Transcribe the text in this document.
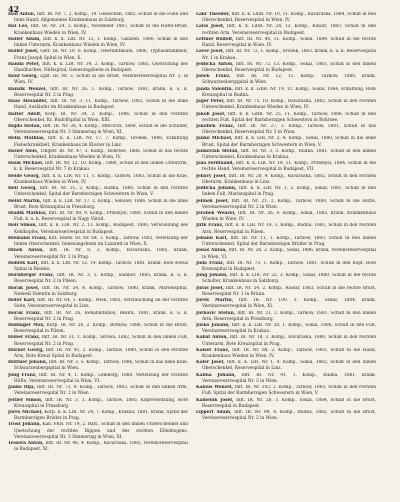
42

Had Anton, Inft. IR. Nr. 7, 2. Komp., 19. Gezeichen, 1882, Schuß in die Füße und linke Hand, Allgemeines Krankenhaus in Salzburg.

Hai Leo, Inft. IR. Nr. 24, 2. Komp., November 1887, Schuß in die Hüfte-Brust, Krankenhaus Wieden in Wien, IV.

Haller Adam, Inft. k. k. LIR. Nr. 12, 1. Komp., Galizien, 1880, Schuß in den linken Unterarm, Krankenhaus Wieden in Wien, IV.

Haller Josef, Gefr. IR. Nr. 19, 6. Komp., Oberdintmann, 1886, Typhuskrankheit, Franz Joseph Spital in Wien, X.

Handa Peter, Inft. k. k. LIR. Nr. 34, 2. Komp., Tarnów, 1885, Quetschung des Handbuches, Hilfsspital, Genesungsheim in Budapest.

Hanf Georg, Zgsf. IR. Nr. 3, Schuß in die Brust, Vereinsreservespital Nr. 3, in Wien, IV.

Hanzik Wenzel, Inft. IR. Nr. 26, 1. Komp., Tarnow, 1881, krank, k. u. k. Reservespital Nr. 2 in Prag.

Haas Alexander, Inft. IR. Nr. 3, 11. Komp., Tarnow, 1882, Schuß in die linke Hand, Ausläufer im Krankenhaus in Budapest.

Halter Adolf, Korp. IR. Nr. 34, 2. Komp., 1886, Schuß in den rechten Oberschenkel, Kr. Rudolfspital in Wien, XIII.

Hajda Stefan, Inft. IR. Nr. 38, 4. Komp., Mitrovitz, 1888, Schuß in die Schulter, Vereinsreservespital Nr. 3 Simmering in Wien, XI.

Hella Mathias, Inft. k. k. LIR. Nr. 17, 7. Komp., Grodek, 1886, Erkältung Fieberkrankheit, Krankenhaus im Kloster in Linz.

Hauer Alois, Titlgefr. IR. Nr. 47, 3. Komp., Rohrsee, 1886, Schuß in das rechte Unterschenkel, Krankenhaus Wieden in Wien, IV.

Hauk Michael, Inft. IR. Nr. 12, 10. Komp., 1880, Schuß in den linken Unterarm, k. k. Reservespital Nr. 7 in Krakau.

Heide Georg, Inft. k. k. LIR. Nr. 11, 1. Komp., Tarnow, 1883, Schuß in die Knie, Krankenhaus Wieden in Wien, IV.

Heil Georg, Inft. IR. Nr. 21, 2. Komp., Rudna, 1880, Schuß in den rechten Unterschenkel, Spital der Barmherzigen Schwestern in Wien, V.

Heint Martin, Inft. k. k. LIR. Nr. 17, 2. Komp., Sokolov, 1886, Schuß in die linke Brust, Rote Kreuzspital in Pressburg.

Hladik Mathias, Inft. IR. Nr. 80, 9. Komp., Przemysl, 1880, Schuß in den linken Fuß, k. u. k. Reservespital in Nagy Várad.

Holl Simon, Inft. k. k. LIR. Nr. 2, 13. Komp., Budapest, 1880, Verwundung des Kehlkopfes, Vereinsreservespital in Budapest.

Hiemann Franz, Kdt. Feldw. IR. Nr. 64, 1. Komp., Tarnow, 1882, Verletzung der linken Oberschenkel, Genesungsheim im Lazarett in Wien, X.

Hinek Anton, Inft. IR. Nr. 8, 3. Komp., Ravaruska, 1885, krank, Vereinsreservespital Nr. 2 in Prag.

Hoblek Karl, Inft. k. k. LIR. Nr. 12, 14. Komp., Tarnow, 1881, krank, Rote Kreuz Spital in Bielsko.

Hornberger Franz, Inft. IR. Nr. 3, 5. Komp., Sambor, 1885, krank, k. u. k. Reservespital Nr. 2 in Pilsen.

Horak Josef, Inft. IR. Nr. 54, 4. Komp., Tarnow, 1880, krank, Marienspital, Nemedi Valentin in Salzburg.

Hofer Karl, Inft. IR. Nr. 64, 1. Komp., Wien, 1882, Verstauchung an der rechten Seite, Vereinsreservespital in Linz.

Horak Franz, Inft. IR. Nr. 26, Rehabilitation, Bezirk, 1881, krank, k. u. k. Reservespital Nr. 2 in Prag.

Hubinger Max, Korp. IR. Nr. 26, 2. Komp., Borkow, 1886, Schuß in die Brust, Reservespital in Pilsen.

Huber Franz, Inft. IR. Nr. 31, 1. Komp., Sirowa, 1882, Schuß in den linken Fuß, Reservespital Nr. 2 in Prag.

Hürner Georg, Inft. IR. Nr. 41, 2. Komp., Tarnow, 1880, Schuß in den rechten Arm, Rote Kreuz Spital in Budapest.

Huttner Johann, Inft. IR. Nr. 3, 5. Komp., Tarnow, 1886, Schuß in das linke Knie, Schwarzenbergspital in Wien.

Jung Franz, Inft. IR. Nr. 4, 1. Komp., Lemberg, 1880, Verletzung der rechten Hüfte, Vereinsreservespital in Wien, VI.

Janko Ilija, Inft. IR. Nr. 73, 8. Komp., Tarnow, 1883, Schuß in den linken Arm, Vereinsreservespital Nr. 2 in Wien.

Jeitler Simon, Inft. IR. Nr. 3, 3. Komp., Tarnow, 1885, Kopfverletzung, Rote Kreuzspital in Pressburg.

Jores Michael, Korp. k. k. LIR. Nr. 24, 7. Komp., Krakau, 1881, krank, Spital der Barmherzigen Brüder in Prag.

Tross Johann, Kan. FKR. Nr. 14, 2. Batt., Schuß in den linken Unterschenkel und Quetschung der rechten Rippen und des rechten Ellenbogens, Vereinsreservespital Nr. 3 Simmering in Wien, XI.

Tessera Anton, Inft. IR. Nr. 96, 4. Komp., Ravaruska, 1883, Vereinsreservespital in Budapest, XI.

Lahr Theodor, Inft. k. k. LdIR. Nr. 10, 11. Komp., Ravaruska, 1884, Schuß in den Oberschenkel, Reservespital in Wien, IV.

Laiss Josef, Inft. k. k. LdIR. Nr. 24, 13. Komp., Rawar, 1883, Schuß in den rechten Arm, Vereinsreservespital in Budapest.

Leitner Rudolf, Inft. IR. Nr. 40, 11. Komp., Sokal, 1884, Schuß in die rechte Hand, Reservespital in Wien, IV.

Laver Josef, Inft. IR. Nr. 72, 1. Komp., Srodek, 1883, krank, k. u. k. Reservespital Nr. 1 in Krakau.

Jedlicka Anton, Inft. IR. Nr. 72, 13. Komp., Sokal, 1883, Schuß in den linken Oberschenkel, Reservespital in Budapest.

Jonek Franz, Inft. IR. Nr. 12, 11. Komp., Tarnow, 1880, krank, Schwarzenbergspital in Wien.

Janda Valentin, Inft. k. k. LdIR. Nr. 19, 11. Komp., Sokal, 1884, Erkältung, Rote Kreuzspital in Rudna.

Jager Peter, Inft. IR. Nr. 75, 10. Komp., Ravaruska, 1882, Schuß in den rechten Unterschenkel, Krankenhaus Wieden in Wien, IV.

Jakob Josef, Inft. k. k. LdIR. Nr. 25, 11. Komp., Tarnow, 1886, Schuß in den rechten Fuß, Spital der Barmherzigen Schwestern in Rohrsee.

Jakubek Franz, Inft. IR. Nr. 27, 3. Komp., Tarnow, 1881, Schuß in das Oberschenkel, Reservespital Nr. 3 in Wien.

Janko Michael, Inft. k. k. LIR. Nr. 2, 4. Komp., Sokal, 1880, Schuß in die linke Brust, Spital der Barmherzigen Schwestern in Wien, V.

Jankoviak Stefan, Inft. IR. Nr. 3, 3. Komp., Rudna, 1881, Schuß in den linken Unterschenkel, Krankenhaus in Krakau.

Jaxa Ferdinand, Inft. k. k. LIR. Nr. 19, 11. Komp., Przemysl, 1884, Schuß in die rechte Hand, Vereinsreservespital in Budapest, VII.

Jebavy Josef, Inft. IR. Nr. 28, 4. Komp., Ravaruska, 1882, Schuß in den rechten Oberarm, Krankenhaus in Linz.

Jedlicka Johann, Inft. k. k. LIR. Nr. 1, 2. Komp., Sokal, 1881, Schuß in den linken Fuß, Marienspital in Prag.

Jelinek Josef, Inft. IR. Nr. 21, 2. Komp., Tarnow, 1880, Schuß in die Hüfte, Vereinsreservespital Nr. 2 in Wien.

Jerabek Wenzel, Inft. IR. Nr. 36, 4. Komp., Sokal, 1885, krank, Krankenhaus Wieden in Wien, IV.

Jirik Franz, Inft. k. k. LIR. Nr. 14, 3. Komp., Rudna, 1881, Schuß in den rechten Arm, Reservespital in Pilsen.

Johann Karl, Inft. IR. Nr. 11, 1. Komp., Tarnow, 1883, Schuß in den linken Unterschenkel, Spital der Barmherzigen Brüder in Prag.

Jonas Anton, Inft. IR. Nr. 28, 2. Komp., Sokal, 1886, krank, Vereinsreservespital in Wien, VI.

Juda Franz, Inft. IR. Nr. 73, 1. Komp., Tarnow, 1881, Schuß in den Kopf, Rote Kreuzspital in Budapest.

Jung Johann, Inft. k. k. LIR. Nr. 22, 3. Komp., Sokal, 1880, Schuß in die rechte Schulter, Krankenhaus in Salzburg.

Juras Josef, Inft. IR. Nr. 54, 2. Komp., Rawar, 1883, Schuß in die rechte Brust, Reservespital Nr. 1 in Brünn.

Jurek Martin, Inft. IR. Nr. 100, 3. Komp., Sokal, 1884, krank, Vereinsreservespital in Wien, XI.

Jurkovic Stefan, Inft. IR. Nr. 31, 2. Komp., Tarnow, 1881, Schuß in den linken Arm, Reservespital in Pressburg.

Jusko Johann, Inft. k. k. LIR. Nr. 20, 1. Komp., Sokal, 1886, Schuß in den Fuß, Vereinsreservespital in Krakau.

Kabat Anton, Inft. IR. Nr. 18, 3. Komp., Ravaruska, 1880, Schuß in den rechten Unterarm, Rote Kreuzspital in Prag.

Kaiser Franz, Inft. IR. Nr. 84, 2. Komp., Tarnow, 1883, Schuß in die Hand, Krankenhaus Wieden in Wien, IV.

Kaler Josef, Inft. k. k. LIR. Nr. 1, 4. Komp., Sokal, 1882, Schuß in den linken Oberschenkel, Reservespital in Linz.

Kalina Johann, Inft. IR. Nr. 91, 1. Komp., Rudna, 1881, krank, Vereinsreservespital Nr. 3 in Wien.

Kalous Wenzel, Inft. IR. Nr. 102, 2. Komp., Tarnow, 1885, Schuß in den rechten Fuß, Spital der Barmherzigen Schwestern in Wien, V.

Kamenik Josef, Inft. IR. Nr. 28, 3. Komp., Sokal, 1884, Schuß in die Brust, Reservespital in Budapest.

Lippert Adam, Inft. IR. Nr. 99, 4. Komp., Rudna, 1882, Schuß in die Brust, Vereinsreservespital Nr. 2 in Wien.
